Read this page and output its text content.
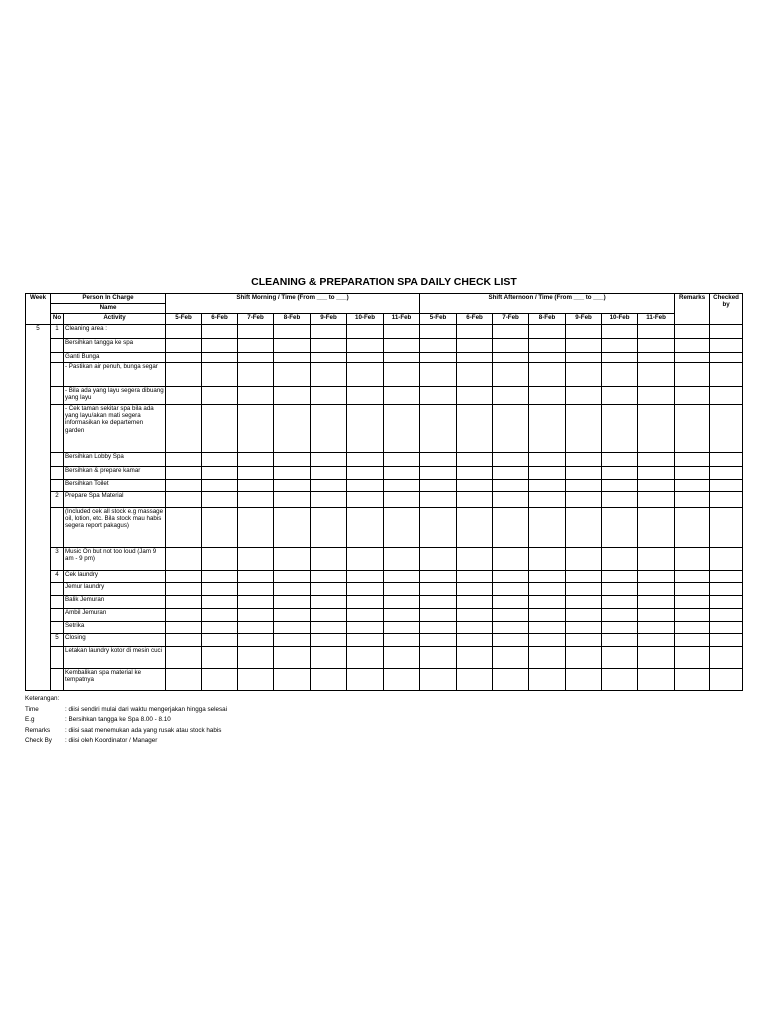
CLEANING & PREPARATION SPA DAILY CHECK LIST
Week	Person In Charge		Shift Morning / Time (From ___ to ___)							Shift Afternoon / Time (From ___ to ___)							Remarks	Checked by
	Name																	
	No	Activity	5-Feb	6-Feb	7-Feb	8-Feb	9-Feb	10-Feb	11-Feb	5-Feb	6-Feb	7-Feb	8-Feb	9-Feb	10-Feb	11-Feb		
5	1	Cleaning area :																
		Bersihkan tangga ke spa																
		Ganti Bunga																
		- Pastikan air penuh, bunga segar																
		- Bila ada yang layu segera dibuang yang layu																
		- Cek taman sekitar spa bila ada yang layu/akan mati segera informasikan ke departemen garden																
		Bersihkan Lobby Spa																
		Bersihkan & prepare kamar																
		Bersihkan Toilet																
	2	Prepare Spa Material																
		(Included cek all stock e.g massage oil, lotion, etc. Bila stock mau habis segera report pakagus)																
	3	Music On but not too loud (Jam 9 am - 9 pm)																
	4	Cek laundry																
		Jemur laundry																
		Balik Jemuran																
		Ambil Jemuran																
		Setrika																
	5	Closing																
		Letakan laundry kotor di mesin cuci																
		Kembalikan spa material ke tempatnya																
Keterangan:
Time	: diisi sendiri mulai dari waktu mengerjakan hingga selesai
E.g	: Bersihkan tangga ke Spa 8.00 - 8.10
Remarks	: diisi saat menemukan ada yang rusak atau stock habis
Check By	: diisi oleh Koordinator / Manager
